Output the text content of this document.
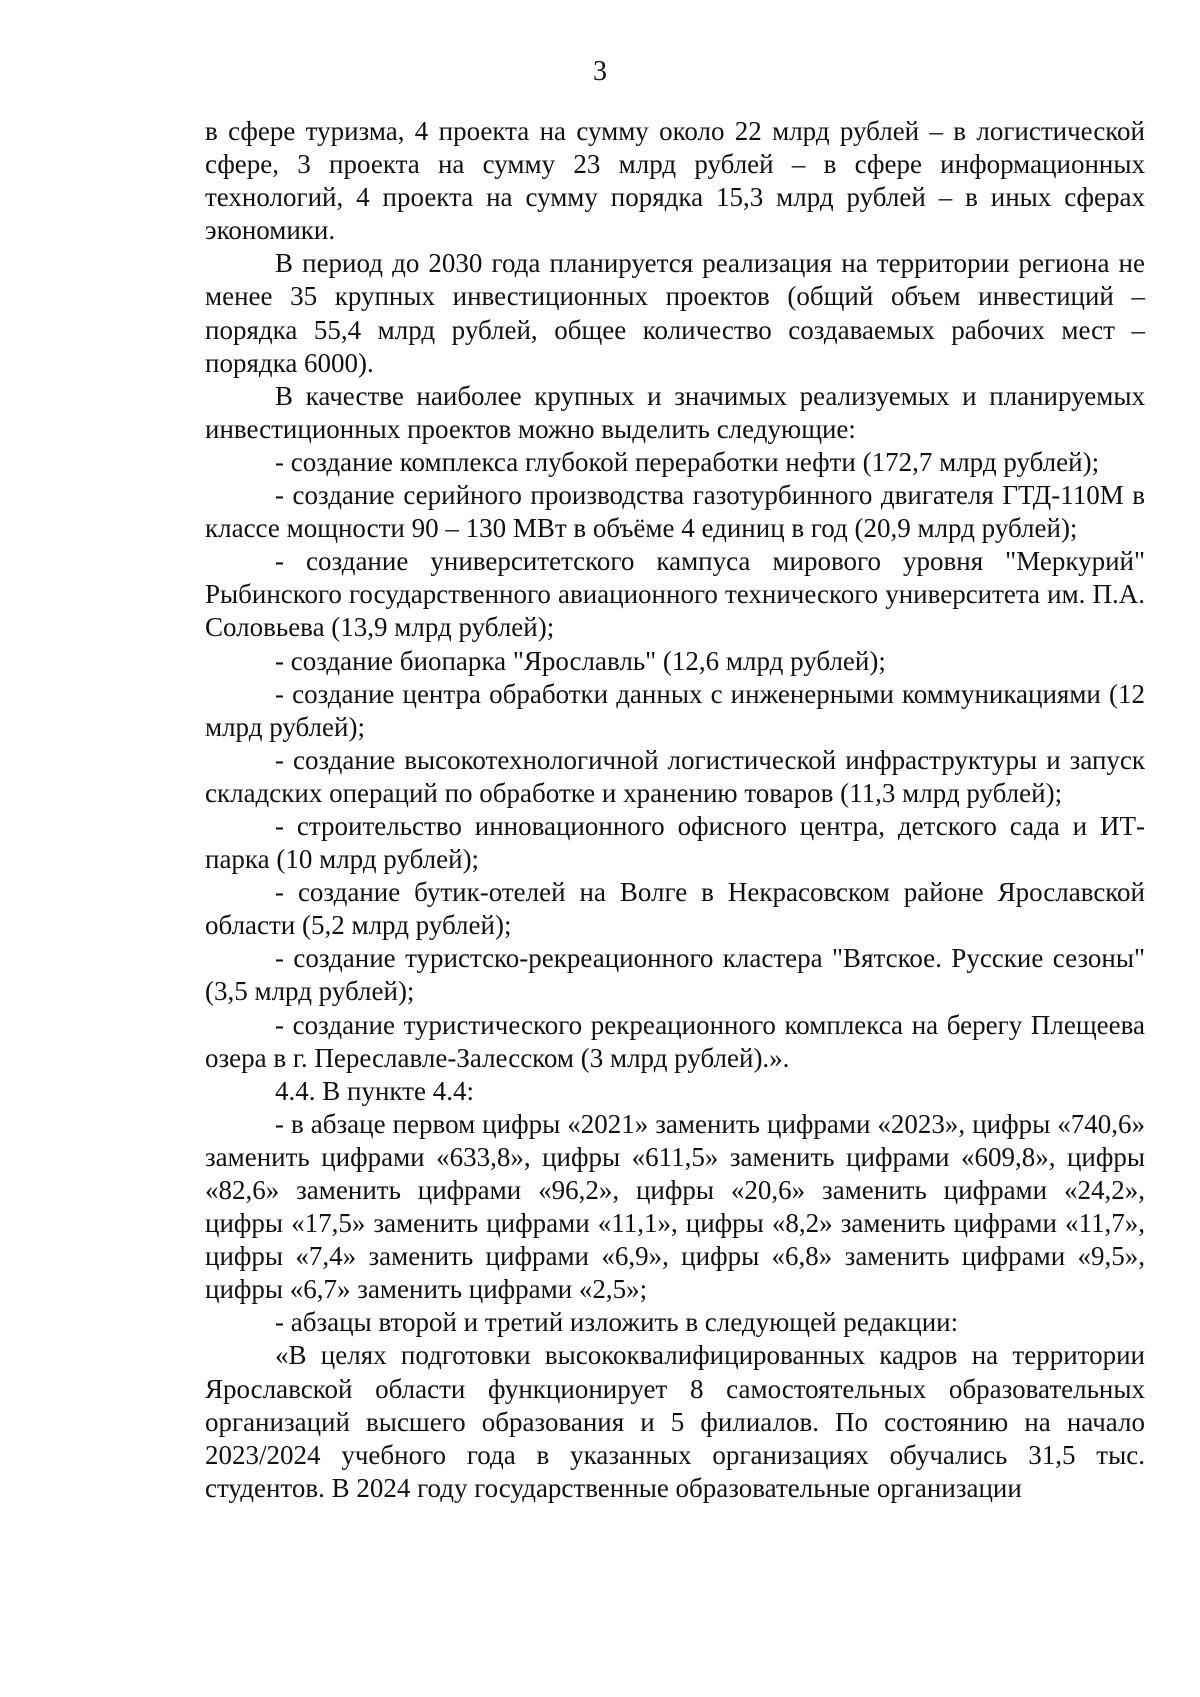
3

в сфере туризма, 4 проекта на сумму около 22 млрд рублей – в логистической сфере, 3 проекта на сумму 23 млрд рублей – в сфере информационных технологий, 4 проекта на сумму порядка 15,3 млрд рублей – в иных сферах экономики.

В период до 2030 года планируется реализация на территории региона не менее 35 крупных инвестиционных проектов (общий объем инвестиций – порядка 55,4 млрд рублей, общее количество создаваемых рабочих мест – порядка 6000).

В качестве наиболее крупных и значимых реализуемых и планируемых инвестиционных проектов можно выделить следующие:

- создание комплекса глубокой переработки нефти (172,7 млрд рублей);

- создание серийного производства газотурбинного двигателя ГТД-110М в классе мощности 90 – 130 МВт в объёме 4 единиц в год (20,9 млрд рублей);

- создание университетского кампуса мирового уровня "Меркурий" Рыбинского государственного авиационного технического университета им. П.А. Соловьева (13,9 млрд рублей);

- создание биопарка "Ярославль" (12,6 млрд рублей);

- создание центра обработки данных с инженерными коммуникациями (12 млрд рублей);

- создание высокотехнологичной логистической инфраструктуры и запуск складских операций по обработке и хранению товаров (11,3 млрд рублей);

- строительство инновационного офисного центра, детского сада и ИТ-парка (10 млрд рублей);

- создание бутик-отелей на Волге в Некрасовском районе Ярославской области (5,2 млрд рублей);

- создание туристско-рекреационного кластера "Вятское. Русские сезоны" (3,5 млрд рублей);

- создание туристического рекреационного комплекса на берегу Плещеева озера в г. Переславле-Залесском (3 млрд рублей).».

4.4. В пункте 4.4:

- в абзаце первом цифры «2021» заменить цифрами «2023», цифры «740,6» заменить цифрами «633,8», цифры «611,5» заменить цифрами «609,8», цифры «82,6» заменить цифрами «96,2», цифры «20,6» заменить цифрами «24,2», цифры «17,5» заменить цифрами «11,1», цифры «8,2» заменить цифрами «11,7», цифры «7,4» заменить цифрами «6,9», цифры «6,8» заменить цифрами «9,5», цифры «6,7» заменить цифрами «2,5»;

- абзацы второй и третий изложить в следующей редакции:

«В целях подготовки высококвалифицированных кадров на территории Ярославской области функционирует 8 самостоятельных образовательных организаций высшего образования и 5 филиалов. По состоянию на начало 2023/2024 учебного года в указанных организациях обучались 31,5 тыс. студентов. В 2024 году государственные образовательные организации
